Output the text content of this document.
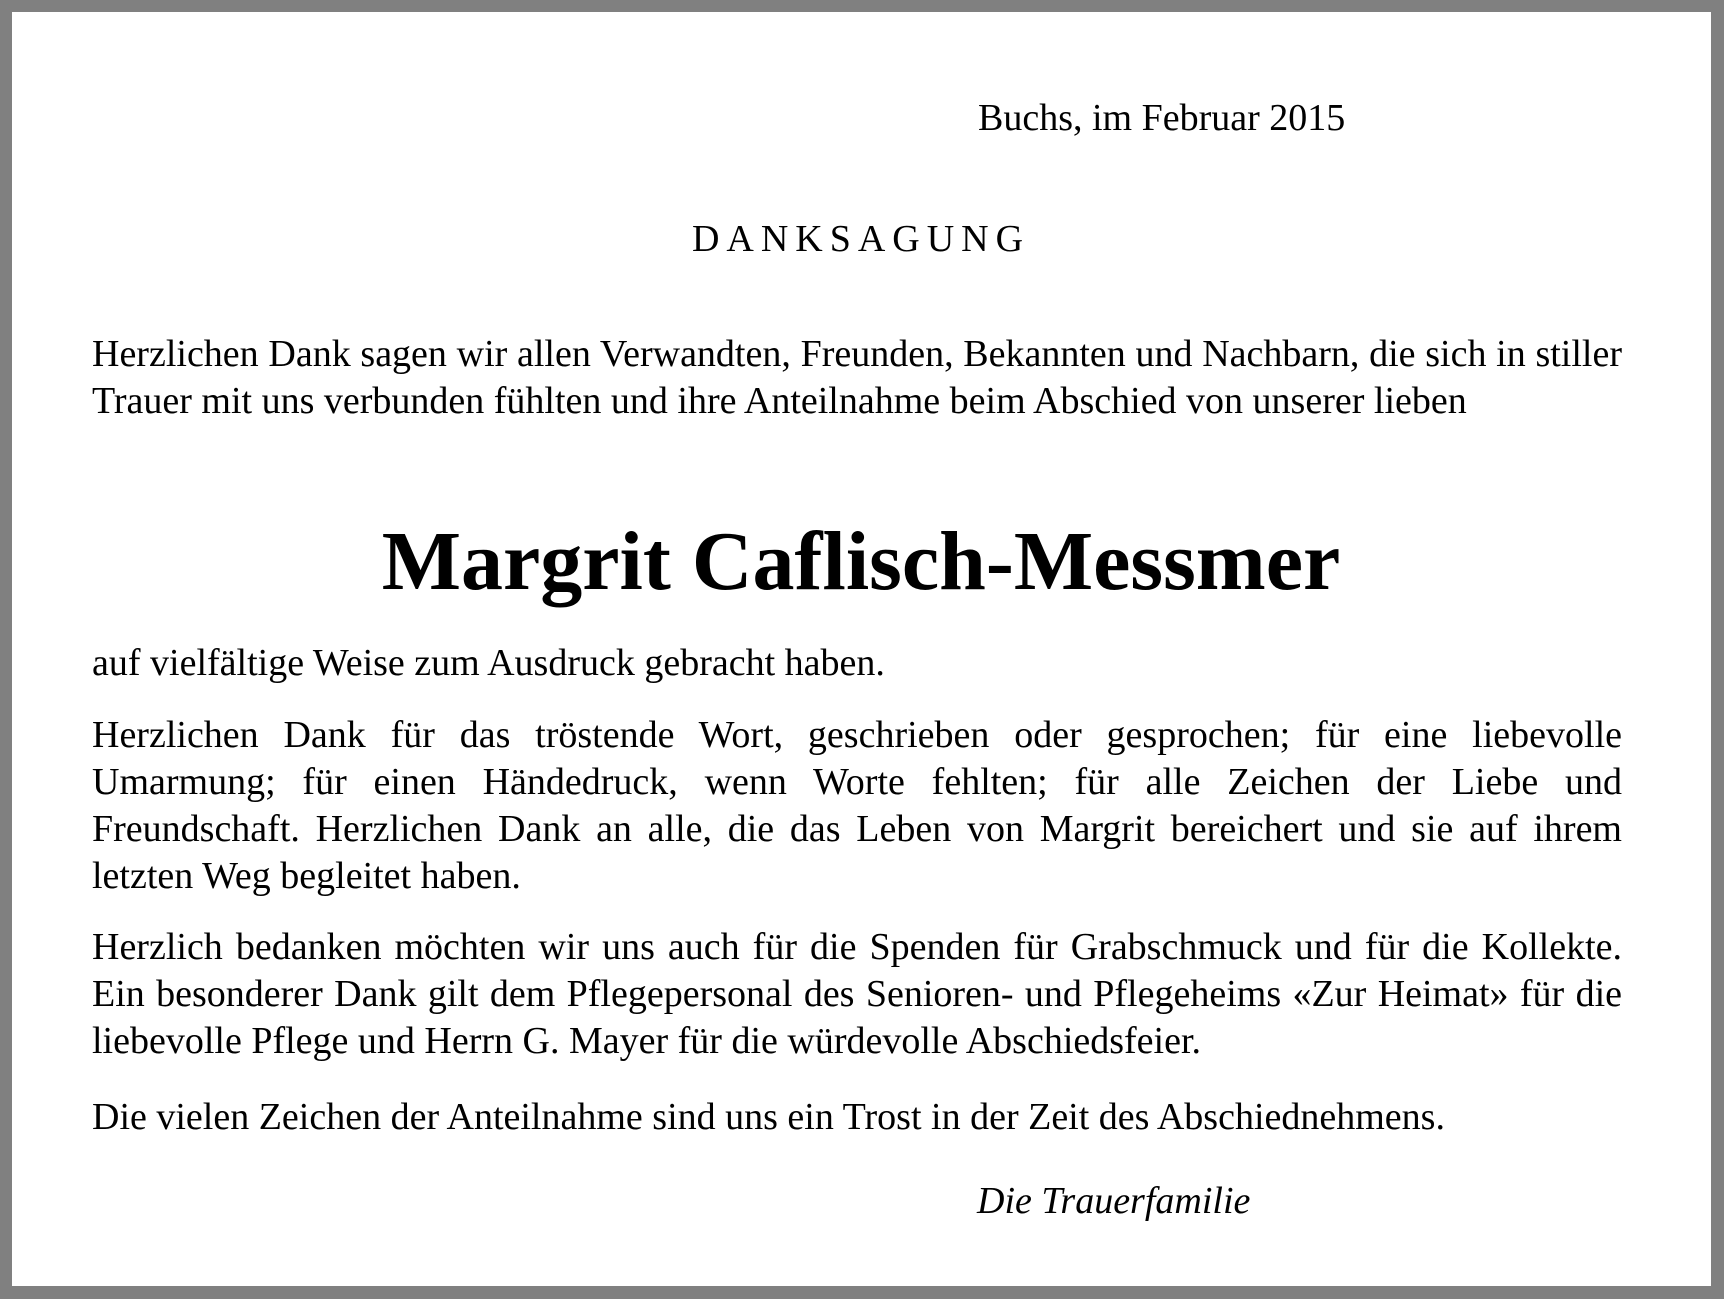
Buchs, im Februar 2015
DANKSAGUNG
Herzlichen Dank sagen wir allen Verwandten, Freunden, Bekannten und Nachbarn, die sich in stiller Trauer mit uns verbunden fühlten und ihre Anteilnahme beim Abschied von unserer lieben
Margrit Caflisch-Messmer
auf vielfältige Weise zum Ausdruck gebracht haben.
Herzlichen Dank für das tröstende Wort, geschrieben oder gesprochen; für eine liebevolle Umarmung; für einen Händedruck, wenn Worte fehlten; für alle Zeichen der Liebe und Freundschaft. Herzlichen Dank an alle, die das Leben von Margrit bereichert und sie auf ihrem letzten Weg begleitet haben.
Herzlich bedanken möchten wir uns auch für die Spenden für Grabschmuck und für die Kollekte. Ein besonderer Dank gilt dem Pflegepersonal des Senioren- und Pflegeheims «Zur Heimat» für die liebevolle Pflege und Herrn G. Mayer für die würdevolle Abschiedsfeier.
Die vielen Zeichen der Anteilnahme sind uns ein Trost in der Zeit des Abschiednehmens.
Die Trauerfamilie
